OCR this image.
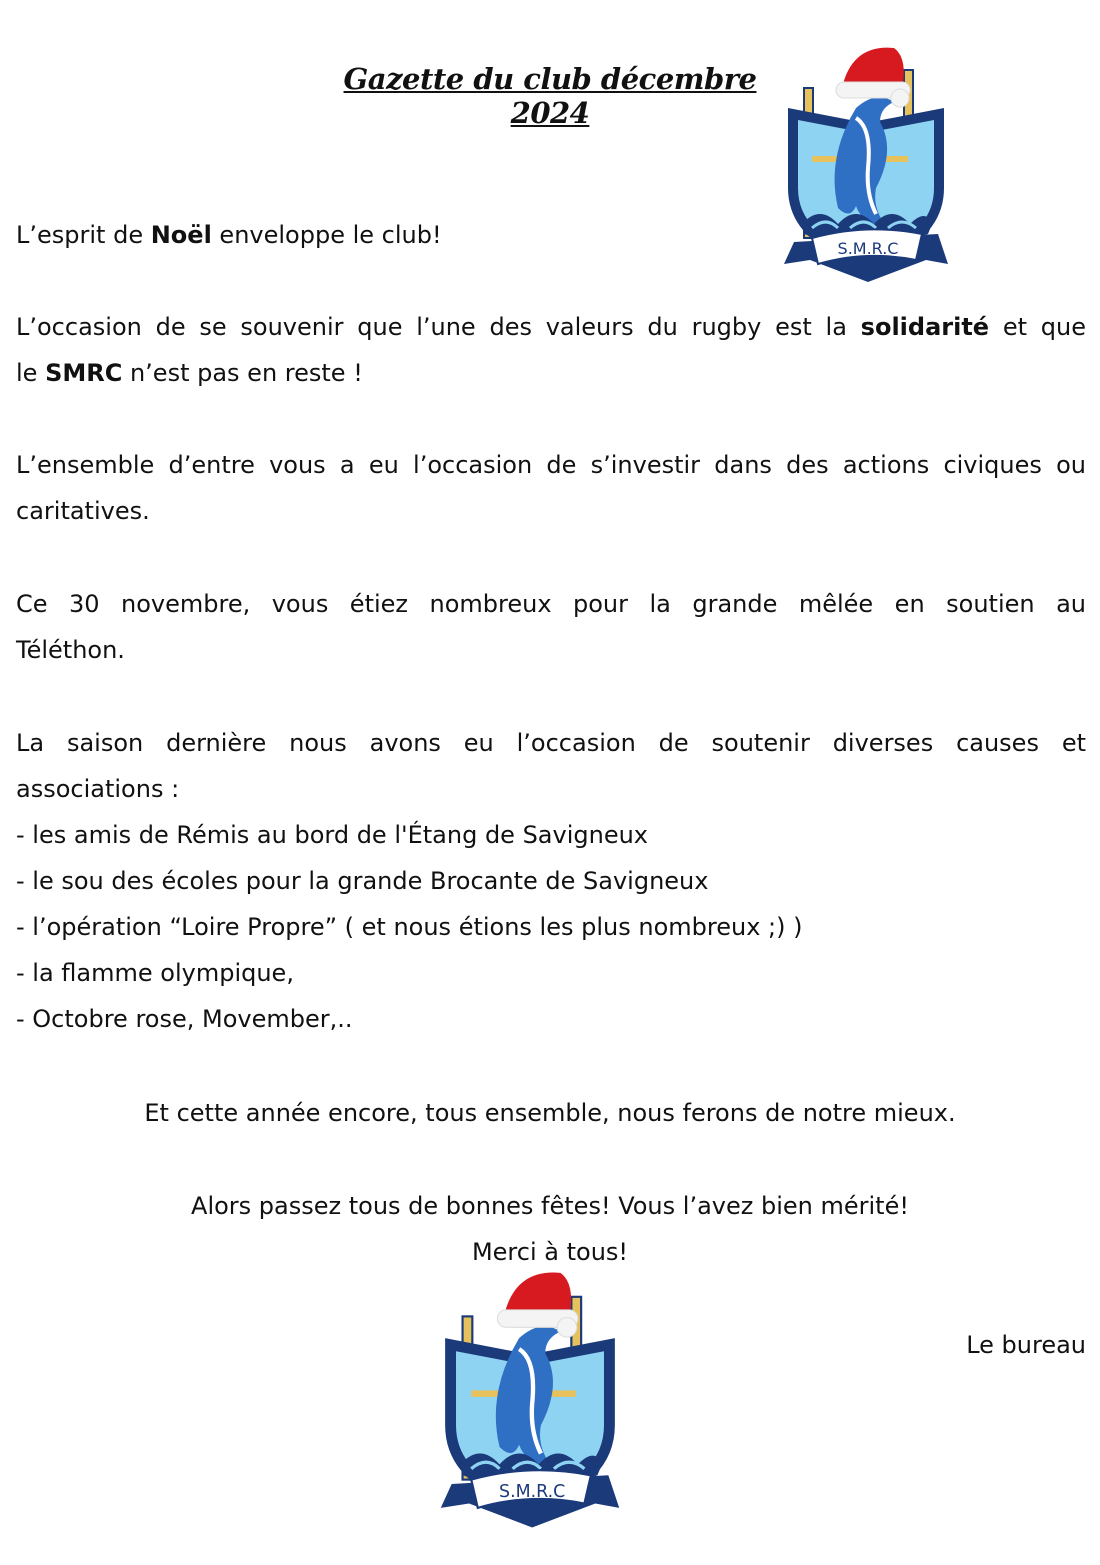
Gazette du club décembre 2024
S.M.R.C
2016
L’esprit de Noël enveloppe le club!
L’occasion de se souvenir que l’une des valeurs du rugby est la solidarité et que
le SMRC n’est pas en reste !
L’ensemble d’entre vous a eu l’occasion de s’investir dans des actions civiques ou
caritatives.
Ce 30 novembre, vous étiez nombreux pour la grande mêlée en soutien au
Téléthon.
La saison dernière nous avons eu l’occasion de soutenir diverses causes et
associations :
- les amis de Rémis au bord de l'Étang de Savigneux
- le sou des écoles pour la grande Brocante de Savigneux
- l’opération “Loire Propre” ( et nous étions les plus nombreux ;) )
- la flamme olympique,
- Octobre rose, Movember,..
Et cette année encore, tous ensemble, nous ferons de notre mieux.
Alors passez tous de bonnes fêtes! Vous l’avez bien mérité!
Merci à tous!
S.M.R.C
2016
Le bureau
